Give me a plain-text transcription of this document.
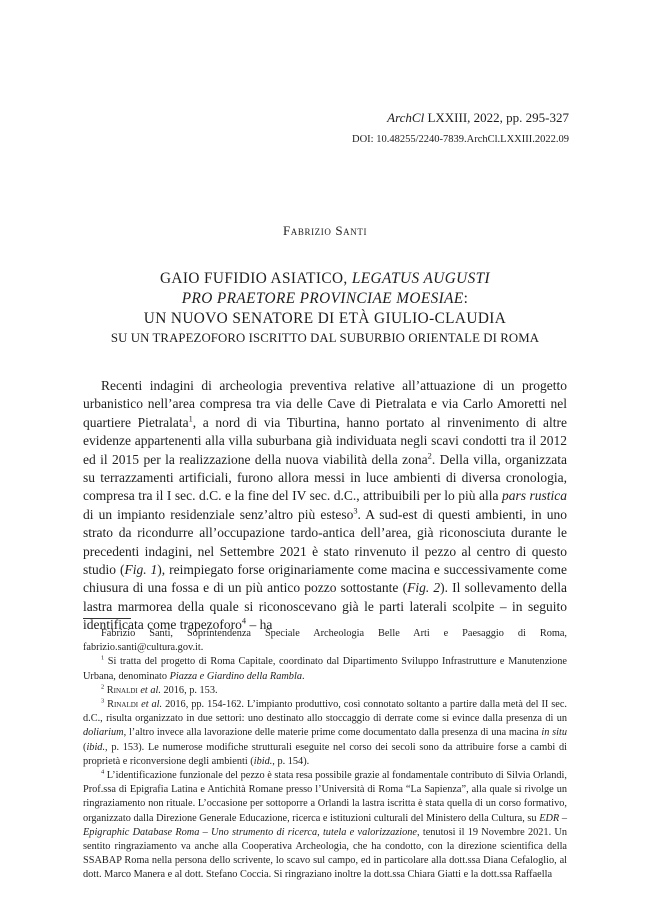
ArchCl LXXIII, 2022, pp. 295-327
DOI: 10.48255/2240-7839.ArchCl.LXXIII.2022.09
Fabrizio Santi
GAIO FUFIDIO ASIATICO, LEGATUS AUGUSTI
PRO PRAETORE PROVINCIAE MOESIAE:
UN NUOVO SENATORE DI ETÀ GIULIO-CLAUDIA
SU UN TRAPEZOFORO ISCRITTO DAL SUBURBIO ORIENTALE DI ROMA

Recenti indagini di archeologia preventiva relative all’attuazione di un progetto urbanistico nell’area compresa tra via delle Cave di Pietralata e via Carlo Amoretti nel quartiere Pietralata$^1$, a nord di via Tiburtina, hanno portato al rinvenimento di altre evidenze appartenenti alla villa suburbana già individuata negli scavi condotti tra il 2012 ed il 2015 per la realizzazione della nuova viabilità della zona$^2$. Della villa, organizzata su terrazzamenti artificiali, furono allora messi in luce ambienti di diversa cronologia, compresa tra il I sec. d.C. e la fine del IV sec. d.C., attribuibili per lo più alla pars rustica di un impianto residenziale senz’altro più esteso$^3$. A sud-est di questi ambienti, in uno strato da ricondurre all’occupazione tardo-antica dell’area, già riconosciuta durante le precedenti indagini, nel Settembre 2021 è stato rinvenuto il pezzo al centro di questo studio (Fig. 1), reimpiegato forse originariamente come macina e successivamente come chiusura di una fossa e di un più antico pozzo sottostante (Fig. 2). Il sollevamento della lastra marmorea della quale si riconoscevano già le parti laterali scolpite – in seguito identificata come trapezoforo$^4$ – ha

Fabrizio Santi, Soprintendenza Speciale Archeologia Belle Arti e Paesaggio di Roma, fabrizio.santi@cultura.gov.it.

$^1$ Si tratta del progetto di Roma Capitale, coordinato dal Dipartimento Sviluppo Infrastrutture e Manutenzione Urbana, denominato Piazza e Giardino della Rambla.

$^2$ Rinaldi et al. 2016, p. 153.

$^3$ Rinaldi et al. 2016, pp. 154-162. L’impianto produttivo, così connotato soltanto a partire dalla metà del II sec. d.C., risulta organizzato in due settori: uno destinato allo stoccaggio di derrate come si evince dalla presenza di un doliarium, l’altro invece alla lavorazione delle materie prime come documentato dalla presenza di una macina in situ (ibid., p. 153). Le numerose modifiche strutturali eseguite nel corso dei secoli sono da attribuire forse a cambi di proprietà e riconversione degli ambienti (ibid., p. 154).

$^4$ L’identificazione funzionale del pezzo è stata resa possibile grazie al fondamentale contributo di Silvia Orlandi, Prof.ssa di Epigrafia Latina e Antichità Romane presso l’Università di Roma “La Sapienza”, alla quale si rivolge un ringraziamento non rituale. L’occasione per sottoporre a Orlandi la lastra iscritta è stata quella di un corso formativo, organizzato dalla Direzione Generale Educazione, ricerca e istituzioni culturali del Ministero della Cultura, su EDR – Epigraphic Database Roma – Uno strumento di ricerca, tutela e valorizzazione, tenutosi il 19 Novembre 2021. Un sentito ringraziamento va anche alla Cooperativa Archeologia, che ha condotto, con la direzione scientifica della SSABAP Roma nella persona dello scrivente, lo scavo sul campo, ed in particolare alla dott.ssa Diana Cefaloglio, al dott. Marco Manera e al dott. Stefano Coccia. Si ringraziano inoltre la dott.ssa Chiara Giatti e la dott.ssa Raffaella
